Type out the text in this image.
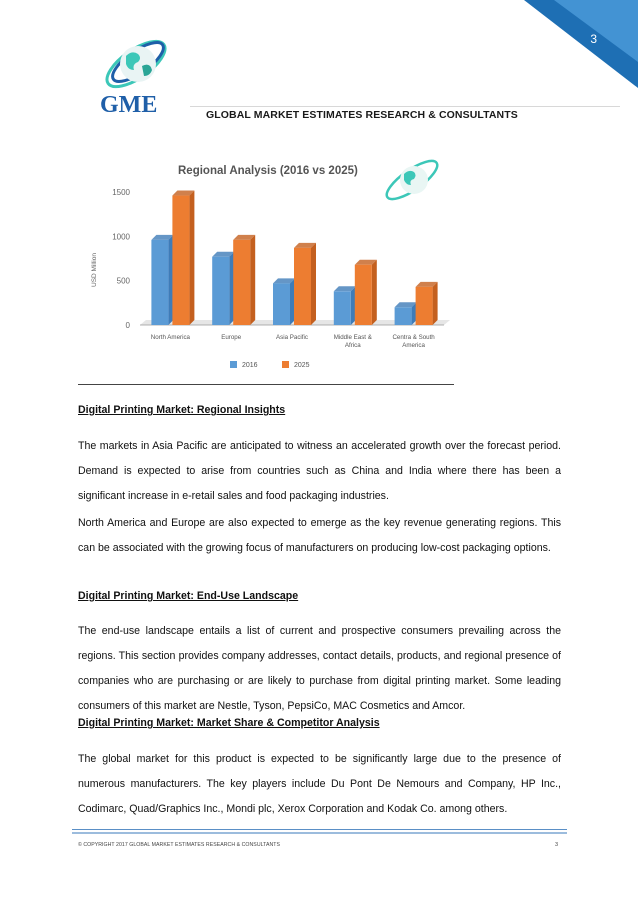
3
GME	GLOBAL MARKET ESTIMATES RESEARCH & CONSULTANTS
Regional Analysis (2016 vs 2025)
USD Million
0
500
1000
1500
North America	Europe	Asia Pacific	Middle East &
Africa
Centra & South
America
2016	2025
Digital Printing Market: Regional Insights
The markets in Asia Pacific are anticipated to witness an accelerated growth over the forecast period. Demand is expected to arise from countries such as China and India where there has been a significant increase in e-retail sales and food packaging industries.
North America and Europe are also expected to emerge as the key revenue generating regions. This can be associated with the growing focus of manufacturers on producing low-cost packaging options.
Digital Printing Market: End-Use Landscape
The end-use landscape entails a list of current and prospective consumers prevailing across the regions. This section provides company addresses, contact details, products, and regional presence of companies who are purchasing or are likely to purchase from digital printing market. Some leading consumers of this market are Nestle, Tyson, PepsiCo, MAC Cosmetics and Amcor.
Digital Printing Market: Market Share & Competitor Analysis
The global market for this product is expected to be significantly large due to the presence of numerous manufacturers. The key players include Du Pont De Nemours and Company, HP Inc., Codimarc, Quad/Graphics Inc., Mondi plc, Xerox Corporation and Kodak Co. among others.
© COPYRIGHT 2017 GLOBAL MARKET ESTIMATES RESEARCH & CONSULTANTS	3
